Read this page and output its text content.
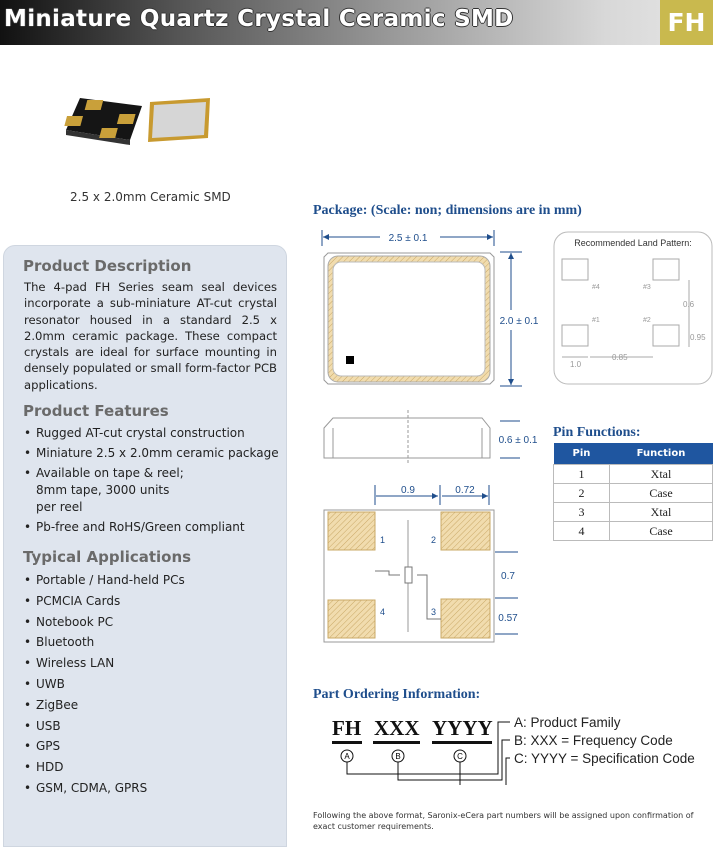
Miniature Quartz Crystal Ceramic SMD	FH
2.5 x 2.0mm Ceramic SMD
Product Description
The 4-pad FH Series seam seal devices incorporate a sub-miniature AT-cut crystal resonator housed in a standard 2.5 x 2.0mm ceramic package. These compact crystals are ideal for surface mounting in densely populated or small form-factor PCB applications.
Product Features
• Rugged AT-cut crystal construction
• Miniature 2.5 x 2.0mm ceramic package
• Available on tape & reel; 8mm tape, 3000 units per reel
• Pb-free and RoHS/Green compliant
Typical Applications
• Portable / Hand-held PCs
• PCMCIA Cards
• Notebook PC
• Bluetooth
• Wireless LAN
• UWB
• ZigBee
• USB
• GPS
• HDD
• GSM, CDMA, GPRS
Package: (Scale: non; dimensions are in mm)
2.5 ± 0.1
2.0 ± 0.1
Recommended Land Pattern:
#4	#3
#1	#2
0.6
0.95
1.0
0.85
0.6 ± 0.1
0.9	0.72
1	2
3
4
0.7
0.57
Pin Functions:
Pin	Function
1	Xtal
2	Case
3	Xtal
4	Case
Part Ordering Information:
FH XXX YYYY
A	B	C
A: Product Family
B: XXX = Frequency Code
C: YYYY = Specification Code
Following the above format, Saronix-eCera part numbers will be assigned upon confirmation of exact customer requirements.
